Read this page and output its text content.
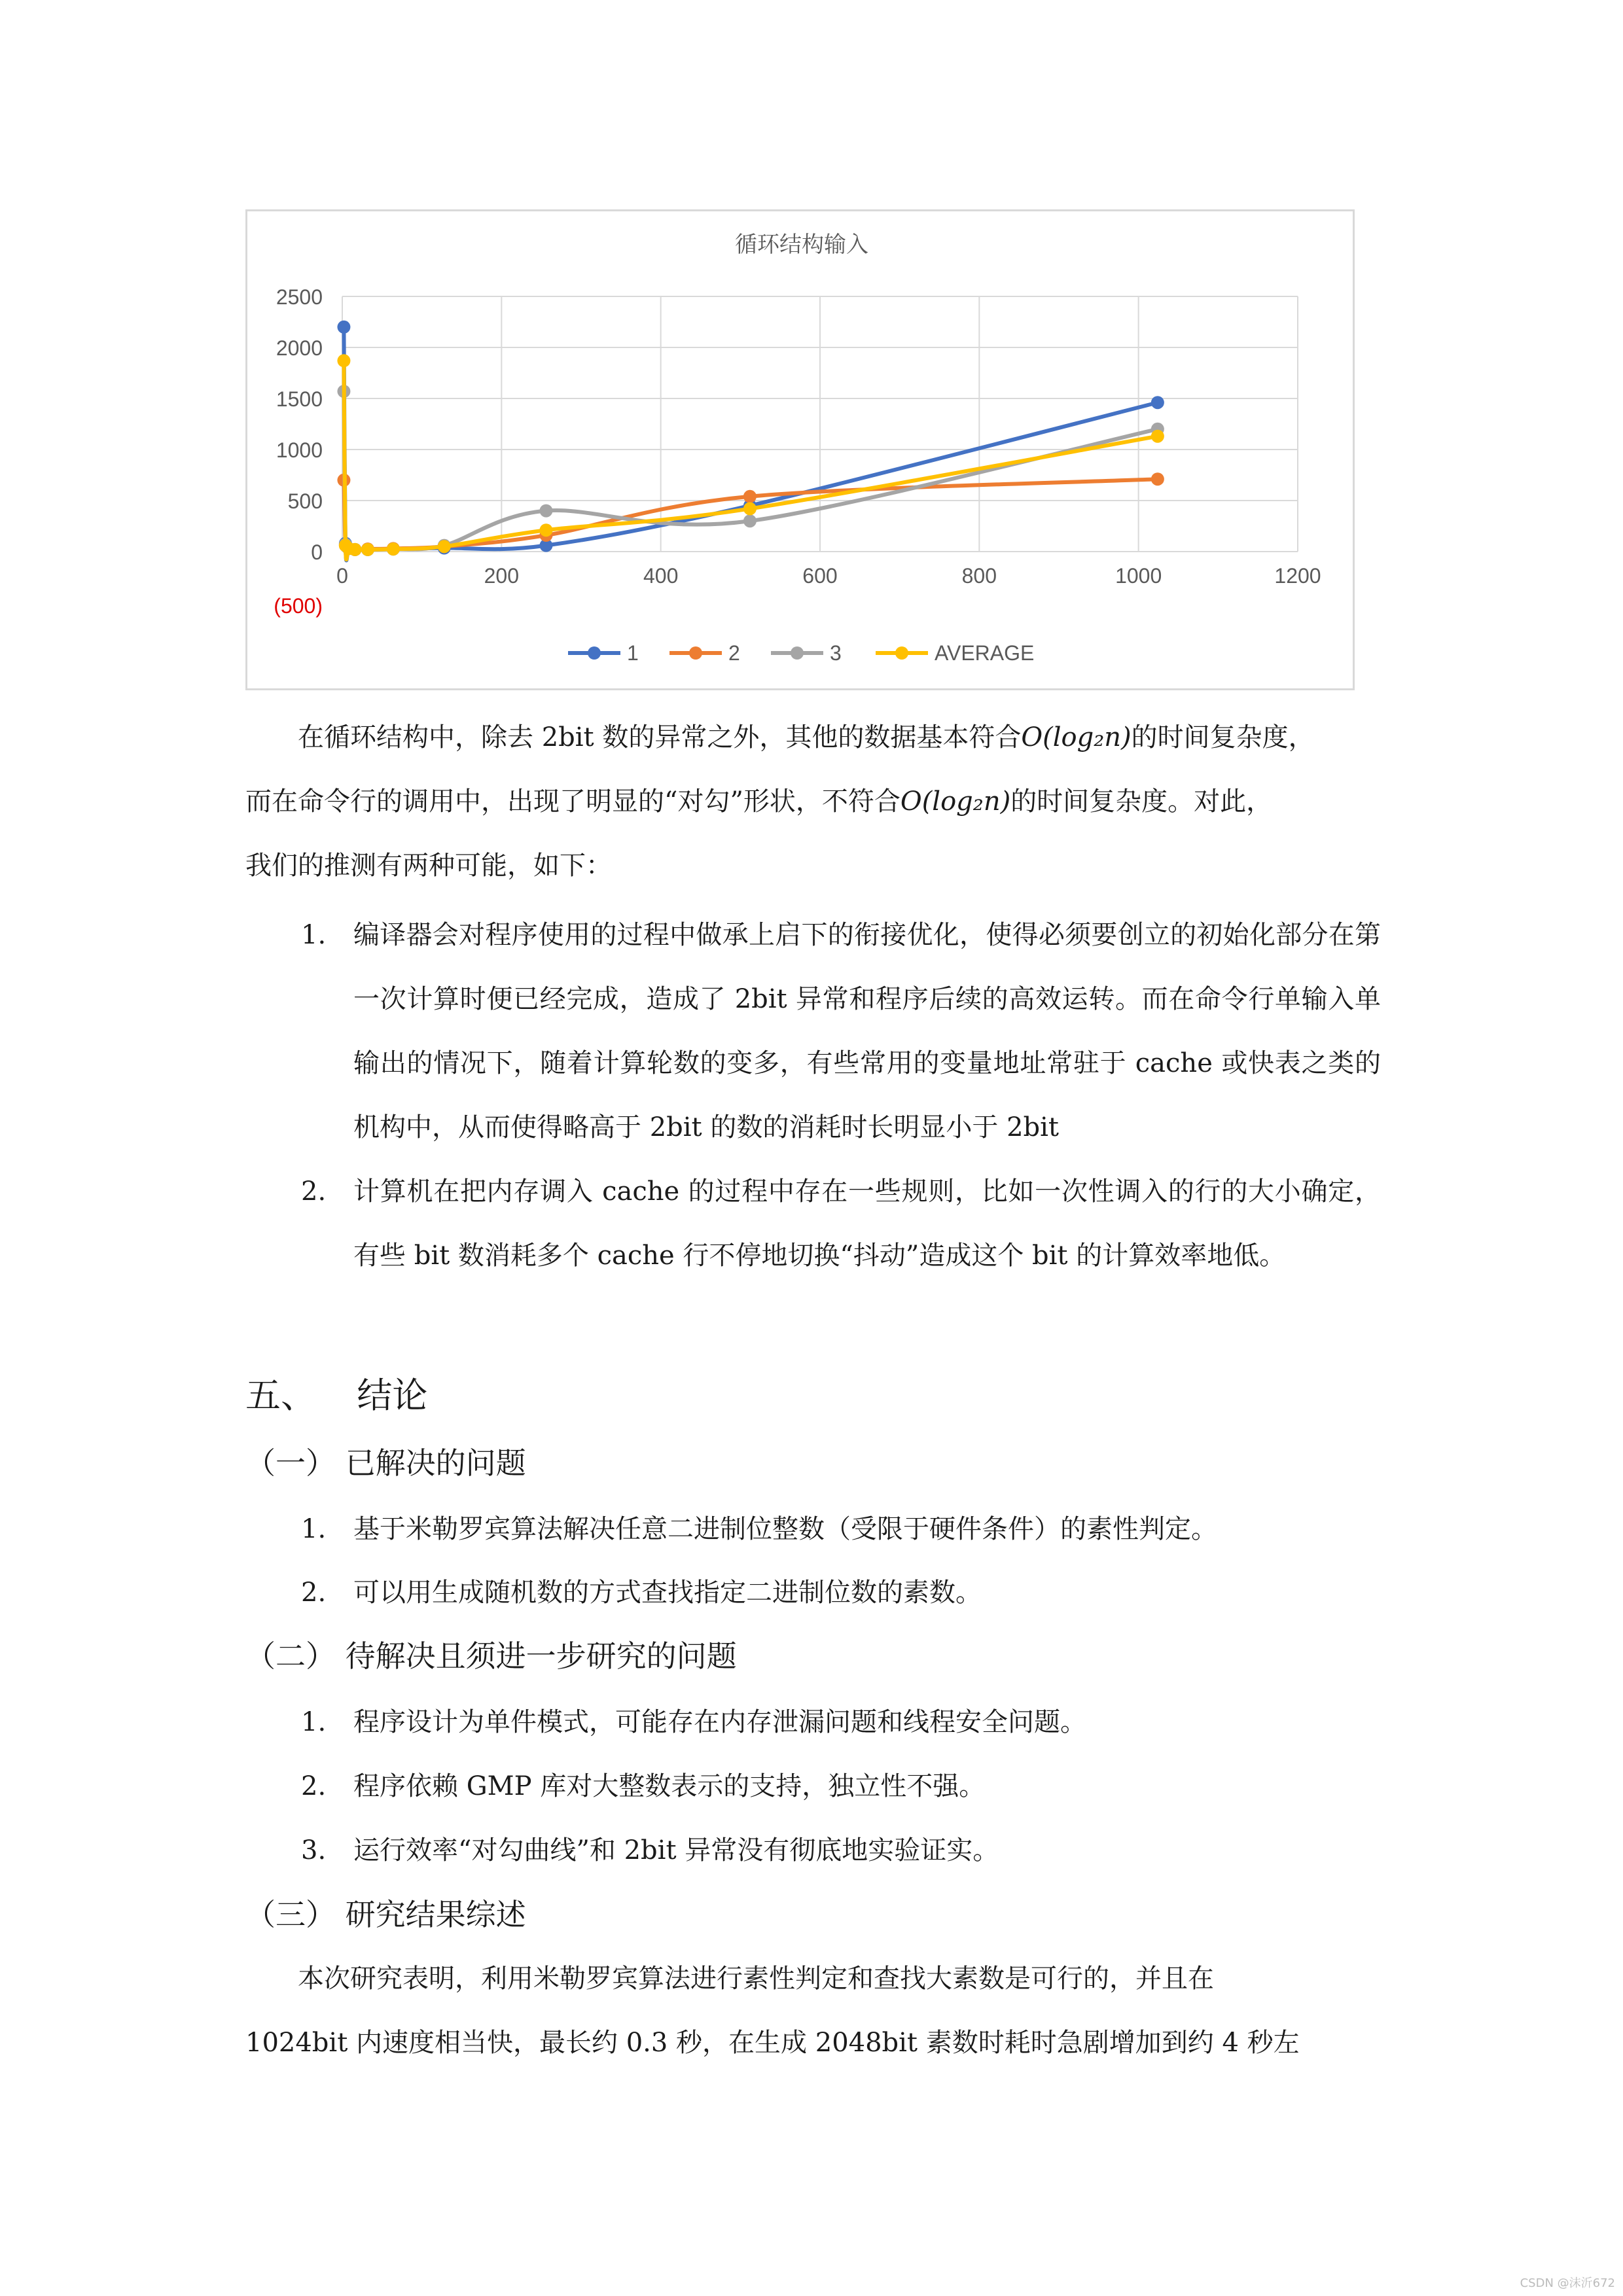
循环结构输入
2500
2000
1500
1000
500
0
(500)
0	200	400	600	800	1000	1200
1	2	3	AVERAGE
在循环结构中，除去 2bit 数的异常之外，其他的数据基本符合O(log₂n)的时间复杂度，
而在命令行的调用中，出现了明显的“对勾”形状，不符合O(log₂n)的时间复杂度。对此，
我们的推测有两种可能，如下：
1. 编译器会对程序使用的过程中做承上启下的衔接优化，使得必须要创立的初始化部分在第一次计算时便已经完成，造成了 2bit 异常和程序后续的高效运转。而在命令行单输入单输出的情况下，随着计算轮数的变多，有些常用的变量地址常驻于 cache 或快表之类的机构中，从而使得略高于 2bit 的数的消耗时长明显小于 2bit
2. 计算机在把内存调入 cache 的过程中存在一些规则，比如一次性调入的行的大小确定，有些 bit 数消耗多个 cache 行不停地切换“抖动”造成这个 bit 的计算效率地低。
五、 结论
（一） 已解决的问题
1. 基于米勒罗宾算法解决任意二进制位整数（受限于硬件条件）的素性判定。
2. 可以用生成随机数的方式查找指定二进制位数的素数。
（二） 待解决且须进一步研究的问题
1. 程序设计为单件模式，可能存在内存泄漏问题和线程安全问题。
2. 程序依赖 GMP 库对大整数表示的支持，独立性不强。
3. 运行效率“对勾曲线”和 2bit 异常没有彻底地实验证实。
（三） 研究结果综述
本次研究表明，利用米勒罗宾算法进行素性判定和查找大素数是可行的，并且在
1024bit 内速度相当快，最长约 0.3 秒，在生成 2048bit 素数时耗时急剧增加到约 4 秒左
CSDN @沫沂672
